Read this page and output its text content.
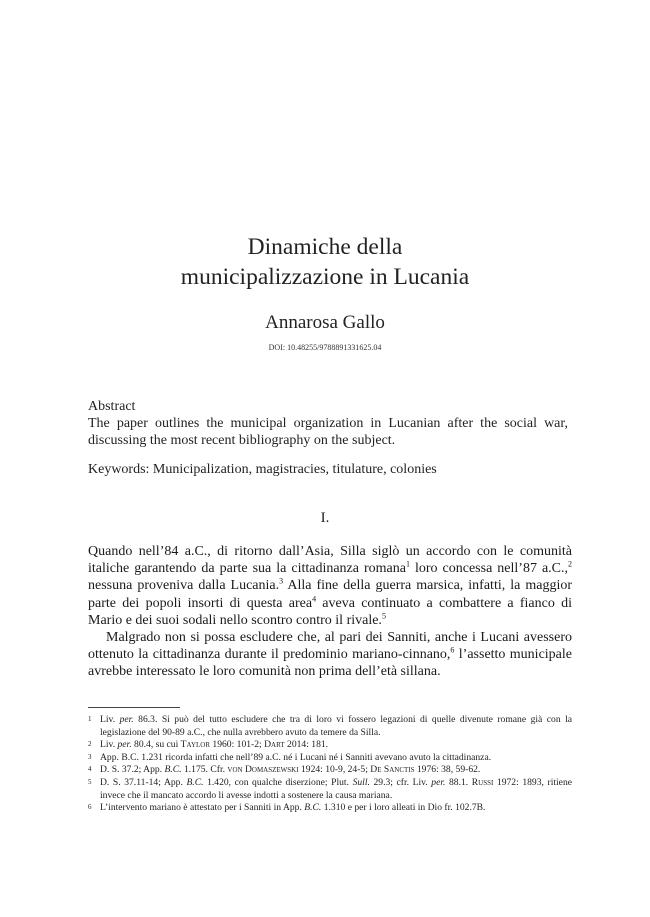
Dinamiche della
municipalizzazione in Lucania
Annarosa Gallo
DOI: 10.48255/9788891331625.04
Abstract
The paper outlines the municipal organization in Lucanian after the social war, discussing the most recent bibliography on the subject.
Keywords: Municipalization, magistracies, titulature, colonies
I.

Quando nell’84 a.C., di ritorno dall’Asia, Silla siglò un accordo con le comunità italiche garantendo da parte sua la cittadinanza romana$^1$ loro concessa nell’87 a.C.,$^2$ nessuna proveniva dalla Lucania.$^3$ Alla fine della guerra marsica, infatti, la maggior parte dei popoli insorti di questa area$^4$ aveva continuato a combattere a fianco di Mario e dei suoi sodali nello scontro contro il rivale.$^5$

Malgrado non si possa escludere che, al pari dei Sanniti, anche i Lucani avessero ottenuto la cittadinanza durante il predominio mariano-cinnano,$^6$ l’assetto municipale avrebbe interessato le loro comunità non prima dell’età sillana.

1 Liv. per. 86.3. Si può del tutto escludere che tra di loro vi fossero legazioni di quelle divenute romane già con la legislazione del 90-89 a.C., che nulla avrebbero avuto da temere da Silla.
2 Liv. per. 80.4, su cui Taylor 1960: 101-2; Dart 2014: 181.
3 App. B.C. 1.231 ricorda infatti che nell’89 a.C. né i Lucani né i Sanniti avevano avuto la cittadinanza.
4 D. S. 37.2; App. B.C. 1.175. Cfr. von Domaszewski 1924: 10-9, 24-5; De Sanctis 1976: 38, 59-62.
5 D. S. 37.11-14; App. B.C. 1.420, con qualche diserzione; Plut. Sull. 29.3; cfr. Liv. per. 88.1. Russi 1972: 1893, ritiene invece che il mancato accordo li avesse indotti a sostenere la causa mariana.
6 L’intervento mariano è attestato per i Sanniti in App. B.C. 1.310 e per i loro alleati in Dio fr. 102.7B.
